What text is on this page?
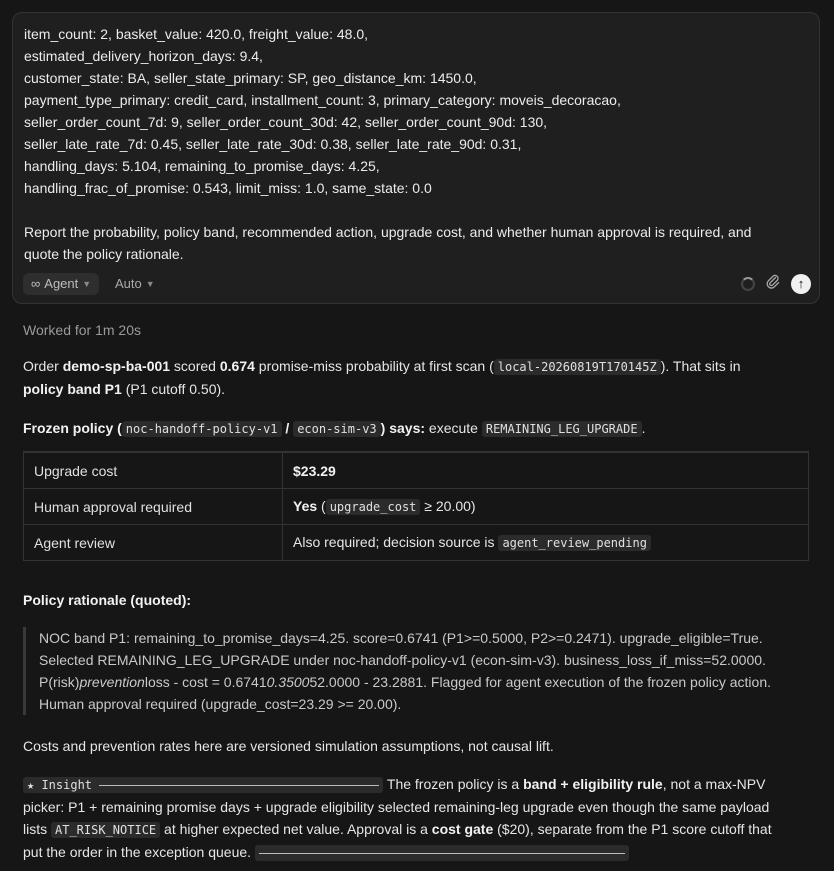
item_count: 2, basket_value: 420.0, freight_value: 48.0,
estimated_delivery_horizon_days: 9.4,
customer_state: BA, seller_state_primary: SP, geo_distance_km: 1450.0,
payment_type_primary: credit_card, installment_count: 3, primary_category: moveis_decoracao,
seller_order_count_7d: 9, seller_order_count_30d: 42, seller_order_count_90d: 130,
seller_late_rate_7d: 0.45, seller_late_rate_30d: 0.38, seller_late_rate_90d: 0.31,
handling_days: 5.104, remaining_to_promise_days: 4.25,
handling_frac_of_promise: 0.543, limit_miss: 1.0, same_state: 0.0
Report the probability, policy band, recommended action, upgrade cost, and whether human approval is required, and
quote the policy rationale.
∞ Agent ▼ Auto ▼	↑
Worked for 1m 20s
Order demo-sp-ba-001 scored 0.674 promise-miss probability at first scan ( local-20260819T170145Z ). That sits in
policy band P1 (P1 cutoff 0.50).
Frozen policy ( noc-handoff-policy-v1 / econ-sim-v3 ) says: execute REMAINING_LEG_UPGRADE .

Upgrade cost	$23.29
Human approval required	Yes ( upgrade_cost ≥ 20.00)
Agent review	Also required; decision source is agent_review_pending
Policy rationale (quoted):
NOC band P1: remaining_to_promise_days=4.25. score=0.6741 (P1>=0.5000, P2>=0.2471). upgrade_eligible=True.
Selected REMAINING_LEG_UPGRADE under noc-handoff-policy-v1 (econ-sim-v3). business_loss_if_miss=52.0000.
P(risk)preventionloss - cost = 0.67410.350052.0000 - 23.2881. Flagged for agent execution of the frozen policy action.
Human approval required (upgrade_cost=23.29 >= 20.00).
Costs and prevention rates here are versioned simulation assumptions, not causal lift.
★ Insight	The frozen policy is a band + eligibility rule, not a max-NPV
picker: P1 + remaining promise days + upgrade eligibility selected remaining-leg upgrade even though the same payload
lists AT_RISK_NOTICE at higher expected net value. Approval is a cost gate ($20), separate from the P1 score cutoff that
put the order in the exception queue.
